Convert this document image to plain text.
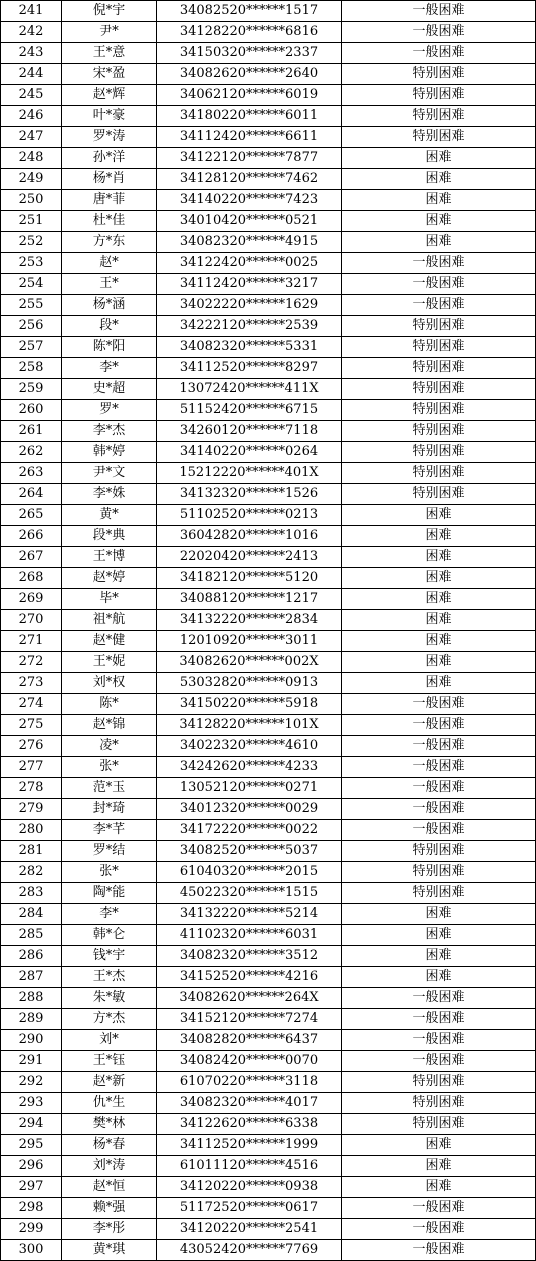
241	倪*宇	34082520******1517	一般困难
242	尹*	34128220******6816	一般困难
243	王*意	34150320******2337	一般困难
244	宋*盈	34082620******2640	特别困难
245	赵*辉	34062120******6019	特别困难
246	叶*豪	34180220******6011	特别困难
247	罗*涛	34112420******6611	特别困难
248	孙*洋	34122120******7877	困难
249	杨*肖	34128120******7462	困难
250	唐*菲	34140220******7423	困难
251	杜*佳	34010420******0521	困难
252	方*东	34082320******4915	困难
253	赵*	34122420******0025	一般困难
254	王*	34112420******3217	一般困难
255	杨*涵	34022220******1629	一般困难
256	段*	34222120******2539	特别困难
257	陈*阳	34082320******5331	特别困难
258	李*	34112520******8297	特别困难
259	史*超	13072420******411X	特别困难
260	罗*	51152420******6715	特别困难
261	李*杰	34260120******7118	特别困难
262	韩*婷	34140220******0264	特别困难
263	尹*文	15212220******401X	特别困难
264	李*姝	34132320******1526	特别困难
265	黄*	51102520******0213	困难
266	段*典	36042820******1016	困难
267	王*博	22020420******2413	困难
268	赵*婷	34182120******5120	困难
269	毕*	34088120******1217	困难
270	祖*航	34132220******2834	困难
271	赵*健	12010920******3011	困难
272	王*妮	34082620******002X	困难
273	刘*权	53032820******0913	困难
274	陈*	34150220******5918	一般困难
275	赵*锦	34128220******101X	一般困难
276	凌*	34022320******4610	一般困难
277	张*	34242620******4233	一般困难
278	范*玉	13052120******0271	一般困难
279	封*琦	34012320******0029	一般困难
280	李*芊	34172220******0022	一般困难
281	罗*结	34082520******5037	特别困难
282	张*	61040320******2015	特别困难
283	陶*能	45022320******1515	特别困难
284	李*	34132220******5214	困难
285	韩*仑	41102320******6031	困难
286	钱*宇	34082320******3512	困难
287	王*杰	34152520******4216	困难
288	朱*敏	34082620******264X	一般困难
289	方*杰	34152120******7274	一般困难
290	刘*	34082820******6437	一般困难
291	王*钰	34082420******0070	一般困难
292	赵*新	61070220******3118	特别困难
293	仇*生	34082320******4017	特别困难
294	樊*林	34122620******6338	特别困难
295	杨*春	34112520******1999	困难
296	刘*涛	61011120******4516	困难
297	赵*恒	34120220******0938	困难
298	赖*强	51172520******0617	一般困难
299	李*彤	34120220******2541	一般困难
300	黄*琪	43052420******7769	一般困难
